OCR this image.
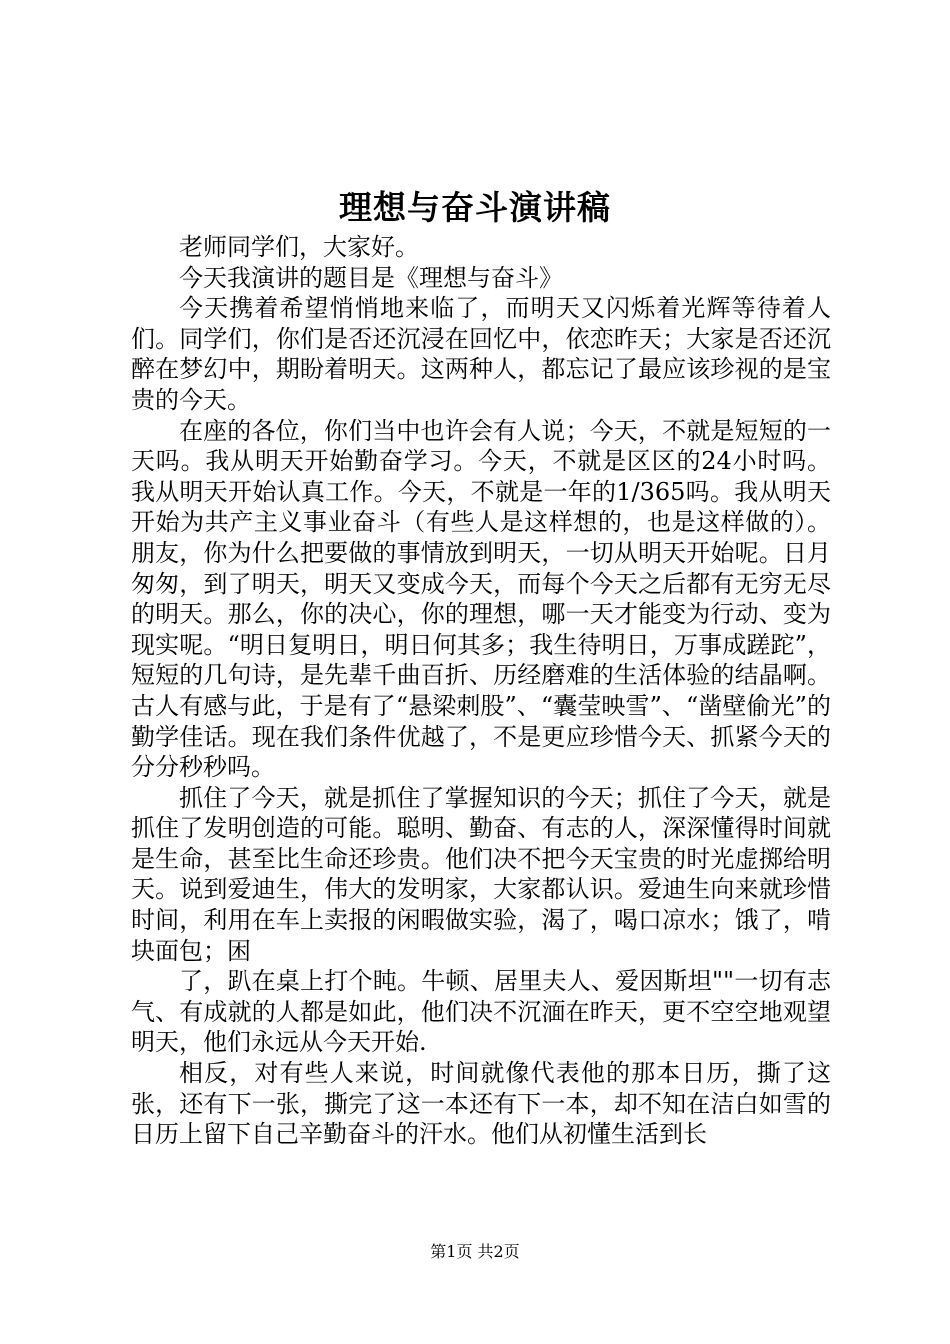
理想与奋斗演讲稿

老师同学们，大家好。

今天我演讲的题目是《理想与奋斗》

今天携着希望悄悄地来临了，而明天又闪烁着光辉等待着人们。同学们，你们是否还沉浸在回忆中，依恋昨天；大家是否还沉醉在梦幻中，期盼着明天。这两种人，都忘记了最应该珍视的是宝贵的今天。

在座的各位，你们当中也许会有人说；今天，不就是短短的一天吗。我从明天开始勤奋学习。今天，不就是区区的24小时吗。我从明天开始认真工作。今天，不就是一年的1/365吗。我从明天开始为共产主义事业奋斗（有些人是这样想的，也是这样做的）。朋友，你为什么把要做的事情放到明天，一切从明天开始呢。日月匆匆，到了明天，明天又变成今天，而每个今天之后都有无穷无尽的明天。那么，你的决心，你的理想，哪一天才能变为行动、变为现实呢。“明日复明日，明日何其多；我生待明日，万事成蹉跎”，短短的几句诗，是先辈千曲百折、历经磨难的生活体验的结晶啊。古人有感与此，于是有了“悬梁刺股”、“囊莹映雪”、“凿壁偷光”的勤学佳话。现在我们条件优越了，不是更应珍惜今天、抓紧今天的分分秒秒吗。

抓住了今天，就是抓住了掌握知识的今天；抓住了今天，就是抓住了发明创造的可能。聪明、勤奋、有志的人，深深懂得时间就是生命，甚至比生命还珍贵。他们决不把今天宝贵的时光虚掷给明天。说到爱迪生，伟大的发明家，大家都认识。爱迪生向来就珍惜时间，利用在车上卖报的闲暇做实验，渴了，喝口凉水；饿了，啃块面包；困

了，趴在桌上打个盹。牛顿、居里夫人、爱因斯坦""一切有志气、有成就的人都是如此，他们决不沉湎在昨天，更不空空地观望明天，他们永远从今天开始.

相反，对有些人来说，时间就像代表他的那本日历，撕了这张，还有下一张，撕完了这一本还有下一本，却不知在洁白如雪的日历上留下自己辛勤奋斗的汗水。他们从初懂生活到长

第1页 共2页
